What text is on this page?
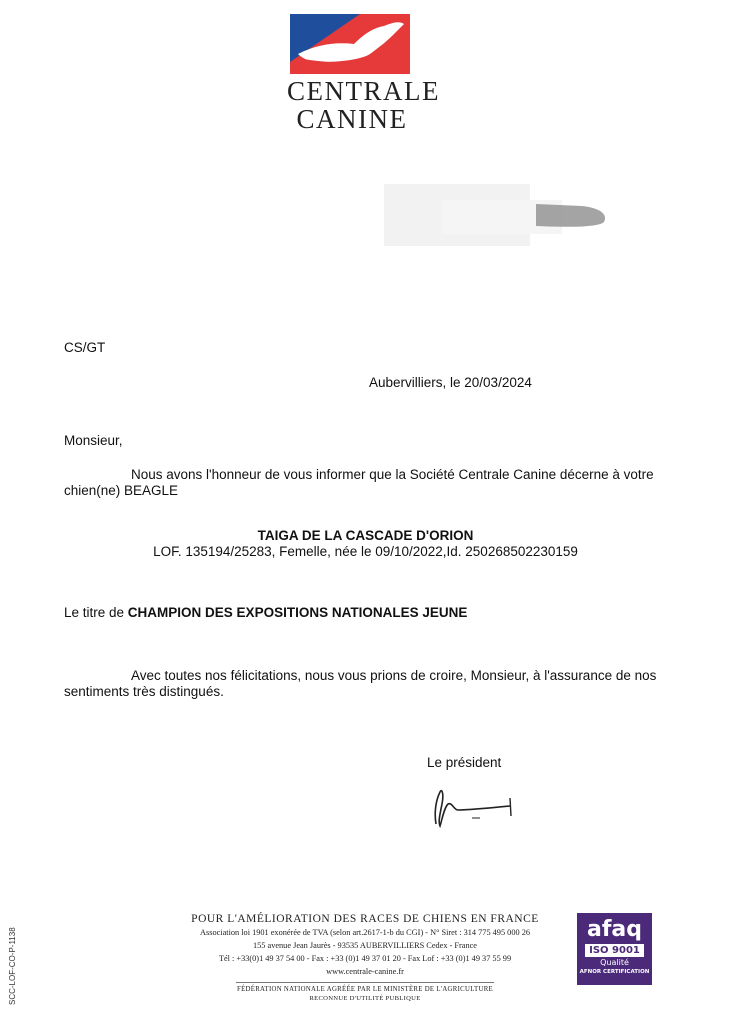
CENTRALE
CANINE
CS/GT
Aubervilliers, le 20/03/2024
Monsieur,
Nous avons l'honneur de vous informer que la Société Centrale Canine décerne à votre
chien(ne) BEAGLE
TAIGA DE LA CASCADE D'ORION
LOF. 135194/25283, Femelle, née le 09/10/2022,Id. 250268502230159
Le titre de CHAMPION DES EXPOSITIONS NATIONALES JEUNE
Avec toutes nos félicitations, nous vous prions de croire, Monsieur, à l'assurance de nos
sentiments très distingués.
Le président
POUR L'AMÉLIORATION DES RACES DE CHIENS EN FRANCE
Association loi 1901 exonérée de TVA (selon art.2617-1-b du CGI) - N° Siret : 314 775 495 000 26
155 avenue Jean Jaurès - 93535 AUBERVILLIERS Cedex - France
Tél : +33(0)1 49 37 54 00 - Fax : +33 (0)1 49 37 01 20 - Fax Lof : +33 (0)1 49 37 55 99
www.centrale-canine.fr
FÉDÉRATION NATIONALE AGRÉÉE PAR LE MINISTÈRE DE L'AGRICULTURE
RECONNUE D'UTILITÉ PUBLIQUE
afaq
ISO 9001
Qualité
AFNOR CERTIFICATION
SCC-LOF-CO-P-1138
